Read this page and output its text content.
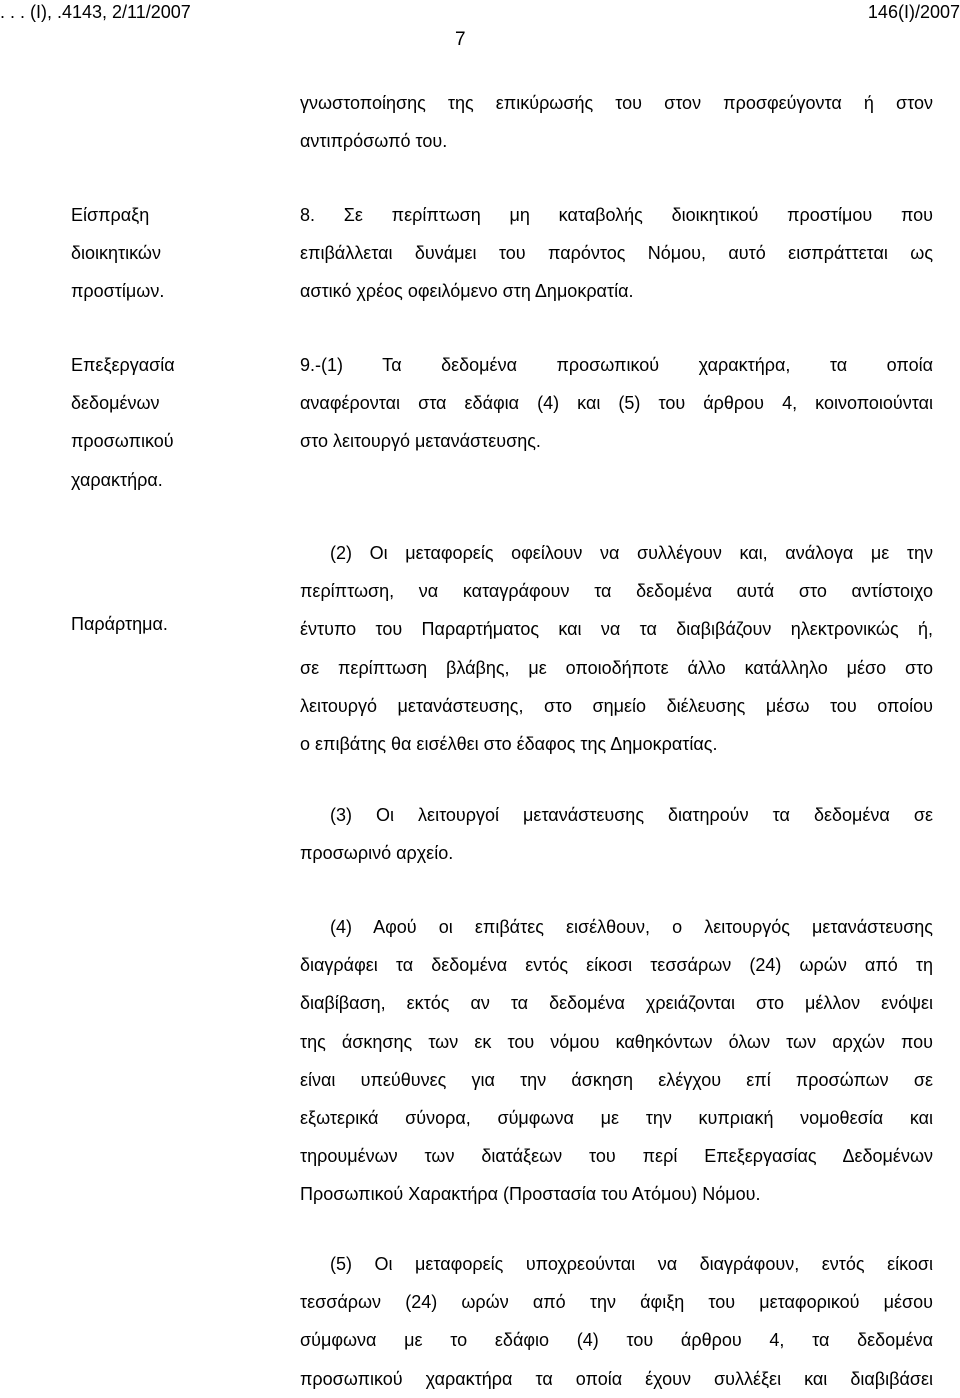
. . . (Ι), .4143, 2/11/2007	146(Ι)/2007
7
γνωστοποίησης της επικύρωσής του στον προσφεύγοντα ή στον
αντιπρόσωπό του.
Είσπραξη
διοικητικών
προστίμων.
8. Σε περίπτωση μη καταβολής διοικητικού προστίμου που
επιβάλλεται δυνάμει του παρόντος Νόμου, αυτό εισπράττεται ως
αστικό χρέος οφειλόμενο στη Δημοκρατία.
Επεξεργασία
δεδομένων
προσωπικού
χαρακτήρα.
9.-(1) Τα δεδομένα προσωπικού χαρακτήρα, τα οποία
αναφέρονται στα εδάφια (4) και (5) του άρθρου 4, κοινοποιούνται
στο λειτουργό μετανάστευσης.
Παράρτημα.
(2) Οι μεταφορείς οφείλουν να συλλέγουν και, ανάλογα με την
περίπτωση, να καταγράφουν τα δεδομένα αυτά στο αντίστοιχο
έντυπο του Παραρτήματος και να τα διαβιβάζουν ηλεκτρονικώς ή,
σε περίπτωση βλάβης, με οποιοδήποτε άλλο κατάλληλο μέσο στο
λειτουργό μετανάστευσης, στο σημείο διέλευσης μέσω του οποίου
ο επιβάτης θα εισέλθει στο έδαφος της Δημοκρατίας.
(3) Οι λειτουργοί μετανάστευσης διατηρούν τα δεδομένα σε
προσωρινό αρχείο.
(4) Αφού οι επιβάτες εισέλθουν, ο λειτουργός μετανάστευσης
διαγράφει τα δεδομένα εντός είκοσι τεσσάρων (24) ωρών από τη
διαβίβαση, εκτός αν τα δεδομένα χρειάζονται στο μέλλον ενόψει
της άσκησης των εκ του νόμου καθηκόντων όλων των αρχών που
είναι υπεύθυνες για την άσκηση ελέγχου επί προσώπων σε
εξωτερικά σύνορα, σύμφωνα με την κυπριακή νομοθεσία και
τηρουμένων των διατάξεων του περί Επεξεργασίας Δεδομένων
Προσωπικού Χαρακτήρα (Προστασία του Ατόμου) Νόμου.
(5) Οι μεταφορείς υποχρεούνται να διαγράφουν, εντός είκοσι
τεσσάρων (24) ωρών από την άφιξη του μεταφορικού μέσου
σύμφωνα με το εδάφιο (4) του άρθρου 4, τα δεδομένα
προσωπικού χαρακτήρα τα οποία έχουν συλλέξει και διαβιβάσει
